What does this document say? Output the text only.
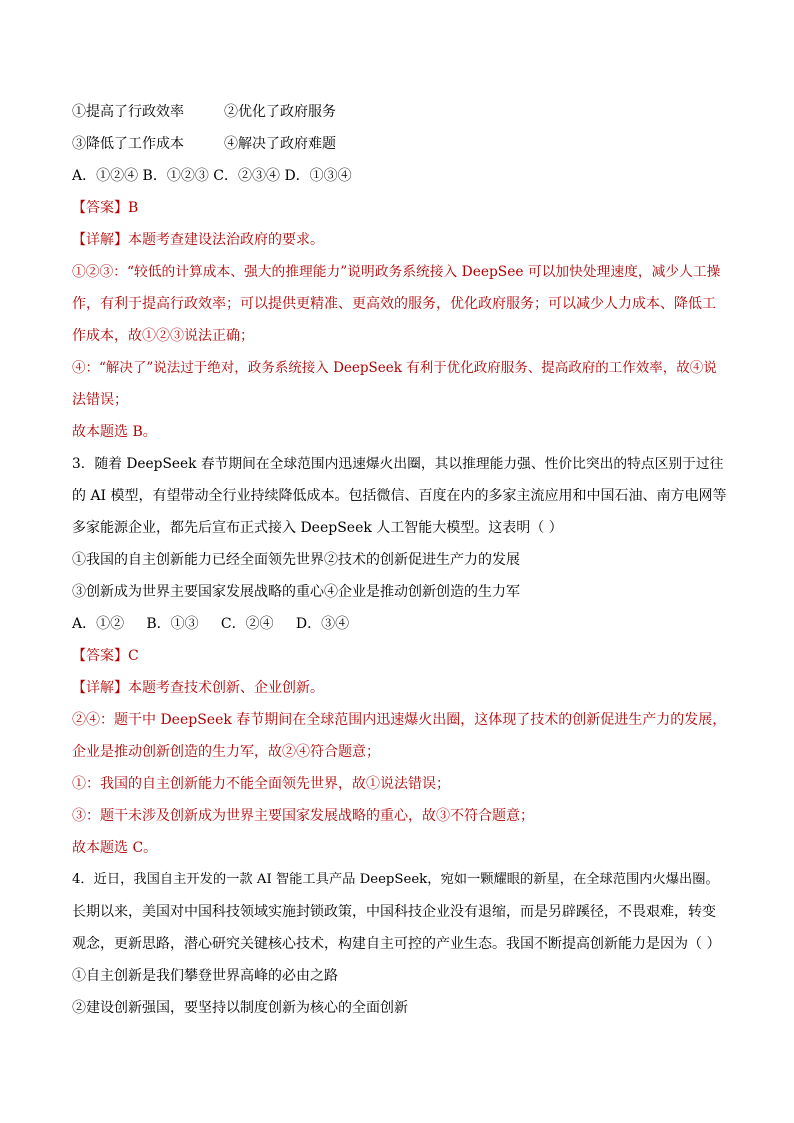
①提高了行政效率	②优化了政府服务
③降低了工作成本	④解决了政府难题
A．①②④ B．①②③ C．②③④ D．①③④
【答案】B
【详解】本题考查建设法治政府的要求。
①②③：“较低的计算成本、强大的推理能力”说明政务系统接入 DeepSee 可以加快处理速度，减少人工操
作，有利于提高行政效率；可以提供更精准、更高效的服务，优化政府服务；可以减少人力成本、降低工
作成本，故①②③说法正确；
④：“解决了”说法过于绝对，政务系统接入 DeepSeek 有利于优化政府服务、提高政府的工作效率，故④说
法错误；
故本题选 B。
3．随着 DeepSeek 春节期间在全球范围内迅速爆火出圈，其以推理能力强、性价比突出的特点区别于过往
的 AI 模型，有望带动全行业持续降低成本。包括微信、百度在内的多家主流应用和中国石油、南方电网等
多家能源企业，都先后宣布正式接入 DeepSeek 人工智能大模型。这表明（ ）
①我国的自主创新能力已经全面领先世界②技术的创新促进生产力的发展
③创新成为世界主要国家发展战略的重心④企业是推动创新创造的生力军
A．①②     B．①③     C．②④     D．③④
【答案】C
【详解】本题考查技术创新、企业创新。
②④：题干中 DeepSeek 春节期间在全球范围内迅速爆火出圈，这体现了技术的创新促进生产力的发展，
企业是推动创新创造的生力军，故②④符合题意；
①：我国的自主创新能力不能全面领先世界，故①说法错误；
③：题干未涉及创新成为世界主要国家发展战略的重心，故③不符合题意；
故本题选 C。
4．近日，我国自主开发的一款 AI 智能工具产品 DeepSeek，宛如一颗耀眼的新星，在全球范围内火爆出圈。
长期以来，美国对中国科技领域实施封锁政策，中国科技企业没有退缩，而是另辟蹊径，不畏艰难，转变
观念，更新思路，潜心研究关键核心技术，构建自主可控的产业生态。我国不断提高创新能力是因为（ ）
①自主创新是我们攀登世界高峰的必由之路
②建设创新强国，要坚持以制度创新为核心的全面创新
